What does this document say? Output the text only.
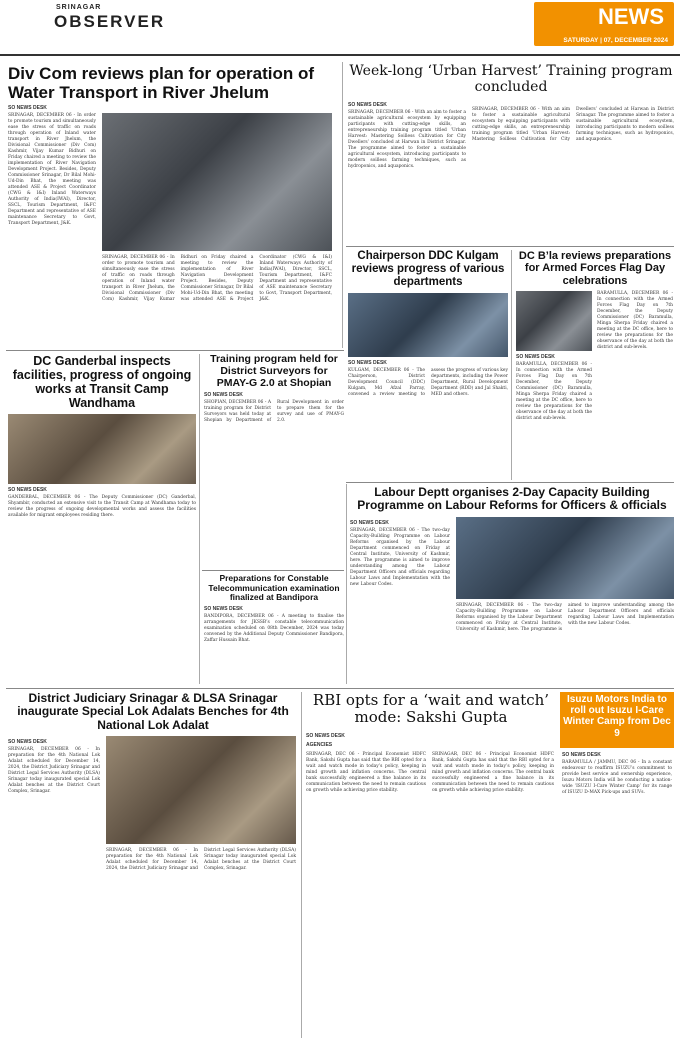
SRINAGAR
OBSERVER	NEWS
SATURDAY | 07, DECEMBER 2024
Div Com reviews plan for operation of Water Transport in River Jhelum
SO NEWS DESK
SRINAGAR, DECEMBER 06 - In order to promote tourism and simultaneously ease the stress of traffic on roads through operation of Inland water transport in River Jhelum, the Divisional Commissioner (Div Com) Kashmir, Vijay Kumar Bidhuri on Friday chaired a meeting to review the implementation of River Navigation Development Project. Besides, Deputy Commissioner Srinagar, Dr Bilal Mohi-Ud-Din Bhat, the meeting was attended ASE & Project Coordinator (CWG & I&I) Inland Waterways Authority of India(IWAI), Director, SSCL, Tourism Department, I&FC Department and representative of ASE maintenance Secretary to Govt, Transport Department, J&K.
SRINAGAR, DECEMBER 06 - In order to promote tourism and simultaneously ease the stress of traffic on roads through operation of Inland water transport in River Jhelum, the Divisional Commissioner (Div Com) Kashmir, Vijay Kumar Bidhuri on Friday chaired a meeting to review the implementation of River Navigation Development Project. Besides, Deputy Commissioner Srinagar, Dr Bilal Mohi-Ud-Din Bhat, the meeting was attended ASE & Project Coordinator (CWG & I&I) Inland Waterways Authority of India(IWAI), Director, SSCL, Tourism Department, I&FC Department and representative of ASE maintenance Secretary to Govt, Transport Department, J&K.
Week-long ‘Urban Harvest’ Training program concluded
SO NEWS DESK
SRINAGAR, DECEMBER 06 - With an aim to foster a sustainable agricultural ecosystem by equipping participants with cutting-edge skills, an entrepreneurship training program titled ‘Urban Harvest: Mastering Soilless Cultivation for City Dwellers’ concluded at Harwan in District Srinagar. The programme aimed to foster a sustainable agricultural ecosystem, introducing participants to modern soilless farming techniques, such as hydroponics, and aquaponics.
SRINAGAR, DECEMBER 06 - With an aim to foster a sustainable agricultural ecosystem by equipping participants with cutting-edge skills, an entrepreneurship training program titled ‘Urban Harvest: Mastering Soilless Cultivation for City Dwellers’ concluded at Harwan in District Srinagar. The programme aimed to foster a sustainable agricultural ecosystem, introducing participants to modern soilless farming techniques, such as hydroponics, and aquaponics.
Chairperson DDC Kulgam reviews progress of various departments
SO NEWS DESK
KULGAM, DECEMBER 06 - The Chairperson, District Development Council (DDC) Kulgam, Md Afzal Parray, convened a review meeting to assess the progress of various key departments, including the Power Department, Rural Development Department (RDD) and Jal Shakti, MED and others.
DC B’la reviews preparations for Armed Forces Flag Day celebrations
SO NEWS DESK
BARAMULLA, DECEMBER 06 - In connection with the Armed Forces Flag Day on 7th December, the Deputy Commissioner (DC) Baramulla, Minga Sherpa Friday chaired a meeting at the DC office, here to review the preparations for the observance of the day at both the district and sub-levels.
BARAMULLA, DECEMBER 06 - In connection with the Armed Forces Flag Day on 7th December, the Deputy Commissioner (DC) Baramulla, Minga Sherpa Friday chaired a meeting at the DC office, here to review the preparations for the observance of the day at both the district and sub-levels.
DC Ganderbal inspects facilities, progress of ongoing works at Transit Camp Wandhama
SO NEWS DESK
GANDERBAL, DECEMBER 06 - The Deputy Commissioner (DC) Ganderbal, Shyambir, conducted an extensive visit to the Transit Camp at Wandhama today to review the progress of ongoing developmental works and assess the facilities available for migrant employees residing there.
Training program held for District Surveyors for PMAY-G 2.0 at Shopian
SO NEWS DESK
SHOPIAN, DECEMBER 06 - A training program for District Surveyors was held today at Shopian by Department of Rural Development in order to prepare them for the survey and use of PMAY-G 2.0.
Preparations for Constable Telecommunication examination finalized at Bandipora
SO NEWS DESK
BANDIPORA, DECEMBER 06 - A meeting to finalise the arrangements for JKSSB’s constable telecommunication examination scheduled on 08th December, 2024 was today convened by the Additional Deputy Commissioner Bandipora, Zaffar Hussain Bhat.
Labour Deptt organises 2-Day Capacity Building Programme on Labour Reforms for Officers & officials
SO NEWS DESK
SRINAGAR, DECEMBER 06 - The two-day Capacity-Building Programme on Labour Reforms organised by the Labour Department commenced on Friday at Central Institute, University of Kashmir, here. The programme is aimed to improve understanding among the Labour Department Officers and officials regarding Labour Laws and Implementation with the new Labour Codes.
SRINAGAR, DECEMBER 06 - The two-day Capacity-Building Programme on Labour Reforms organised by the Labour Department commenced on Friday at Central Institute, University of Kashmir, here. The programme is aimed to improve understanding among the Labour Department Officers and officials regarding Labour Laws and Implementation with the new Labour Codes.
District Judiciary Srinagar & DLSA Srinagar inaugurate Special Lok Adalats Benches for 4th National Lok Adalat
SO NEWS DESK
SRINAGAR, DECEMBER 06 - In preparation for the 4th National Lok Adalat scheduled for December 14, 2024, the District Judiciary Srinagar and District Legal Services Authority (DLSA) Srinagar today inaugurated special Lok Adalat benches at the District Court Complex, Srinagar.
SRINAGAR, DECEMBER 06 - In preparation for the 4th National Lok Adalat scheduled for December 14, 2024, the District Judiciary Srinagar and District Legal Services Authority (DLSA) Srinagar today inaugurated special Lok Adalat benches at the District Court Complex, Srinagar.
RBI opts for a ‘wait and watch’ mode: Sakshi Gupta
SO NEWS DESK
AGENCIES
SRINAGAR, DEC 06 - Principal Economist HDFC Bank, Sakshi Gupta has said that the RBI opted for a wait and watch mode in today’s policy, keeping in mind growth and inflation concerns. The central bank successfully engineered a fine balance in its communication between the need to remain cautious on growth while achieving price stability.
SRINAGAR, DEC 06 - Principal Economist HDFC Bank, Sakshi Gupta has said that the RBI opted for a wait and watch mode in today’s policy, keeping in mind growth and inflation concerns. The central bank successfully engineered a fine balance in its communication between the need to remain cautious on growth while achieving price stability.
Isuzu Motors India to roll out Isuzu I-Care Winter Camp from Dec 9
SO NEWS DESK
BARAMULLA / JAMMU, DEC 06 - In a constant endeavour to reaffirm ISUZU’s commitment to provide best service and ownership experience, Isuzu Motors India will be conducting a nation-wide ‘ISUZU I-Care Winter Camp’ for its range of ISUZU D-MAX Pick-ups and SUVs.
